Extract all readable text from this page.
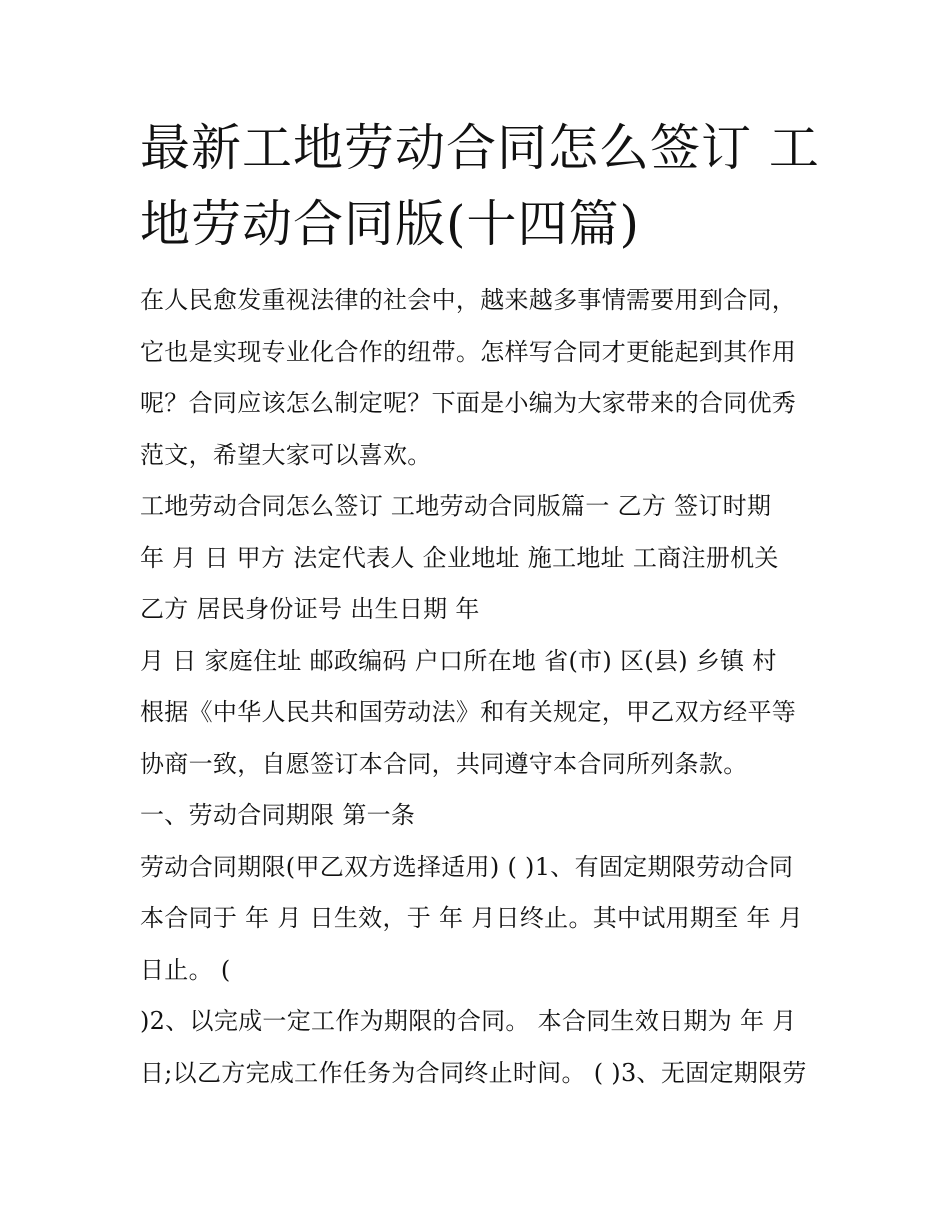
最新工地劳动合同怎么签订 工
地劳动合同版(十四篇)
在人民愈发重视法律的社会中，越来越多事情需要用到合同，
它也是实现专业化合作的纽带。怎样写合同才更能起到其作用
呢？合同应该怎么制定呢？下面是小编为大家带来的合同优秀
范文，希望大家可以喜欢。
工地劳动合同怎么签订 工地劳动合同版篇一 乙方 签订时期
年 月 日 甲方 法定代表人 企业地址 施工地址 工商注册机关
乙方 居民身份证号 出生日期 年
月 日 家庭住址 邮政编码 户口所在地 省(市) 区(县) 乡镇 村
根据《中华人民共和国劳动法》和有关规定，甲乙双方经平等
协商一致，自愿签订本合同，共同遵守本合同所列条款。
一、劳动合同期限 第一条
劳动合同期限(甲乙双方选择适用) ( )1、有固定期限劳动合同
本合同于 年 月 日生效，于 年 月日终止。其中试用期至 年 月
日止。 (
)2、以完成一定工作为期限的合同。 本合同生效日期为 年 月
日;以乙方完成工作任务为合同终止时间。 ( )3、无固定期限劳
